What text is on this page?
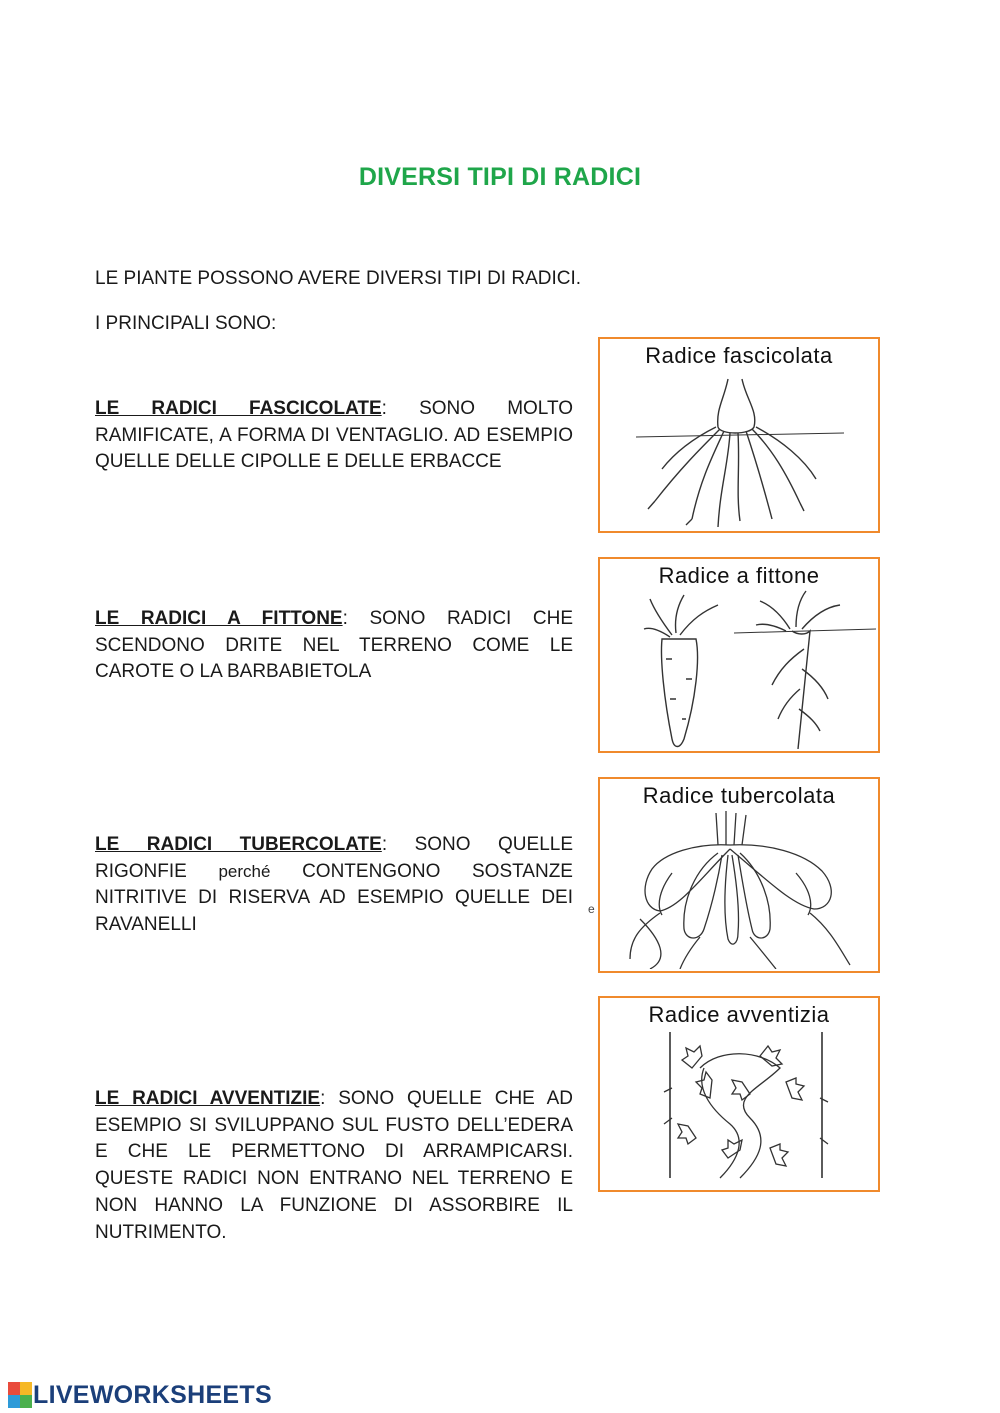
DIVERSI TIPI DI RADICI
LE PIANTE POSSONO AVERE DIVERSI TIPI DI RADICI.
I PRINCIPALI SONO:
LE RADICI FASCICOLATE: SONO MOLTO RAMIFICATE, A FORMA DI VENTAGLIO. AD ESEMPIO QUELLE DELLE CIPOLLE E DELLE ERBACCE
Radice fascicolata
LE RADICI A FITTONE: SONO RADICI CHE SCENDONO DRITE NEL TERRENO COME LE CAROTE O LA BARBABIETOLA
Radice a fittone
LE RADICI TUBERCOLATE: SONO QUELLE RIGONFIE perché CONTENGONO SOSTANZE NITRITIVE DI RISERVA AD ESEMPIO QUELLE DEI RAVANELLI
e
Radice tubercolata
LE RADICI AVVENTIZIE: SONO QUELLE CHE AD ESEMPIO SI SVILUPPANO SUL FUSTO DELL’EDERA E CHE LE PERMETTONO DI ARRAMPICARSI. QUESTE RADICI NON ENTRANO NEL TERRENO E NON HANNO LA FUNZIONE DI ASSORBIRE IL NUTRIMENTO.
Radice avventizia
LIVEWORKSHEETS
